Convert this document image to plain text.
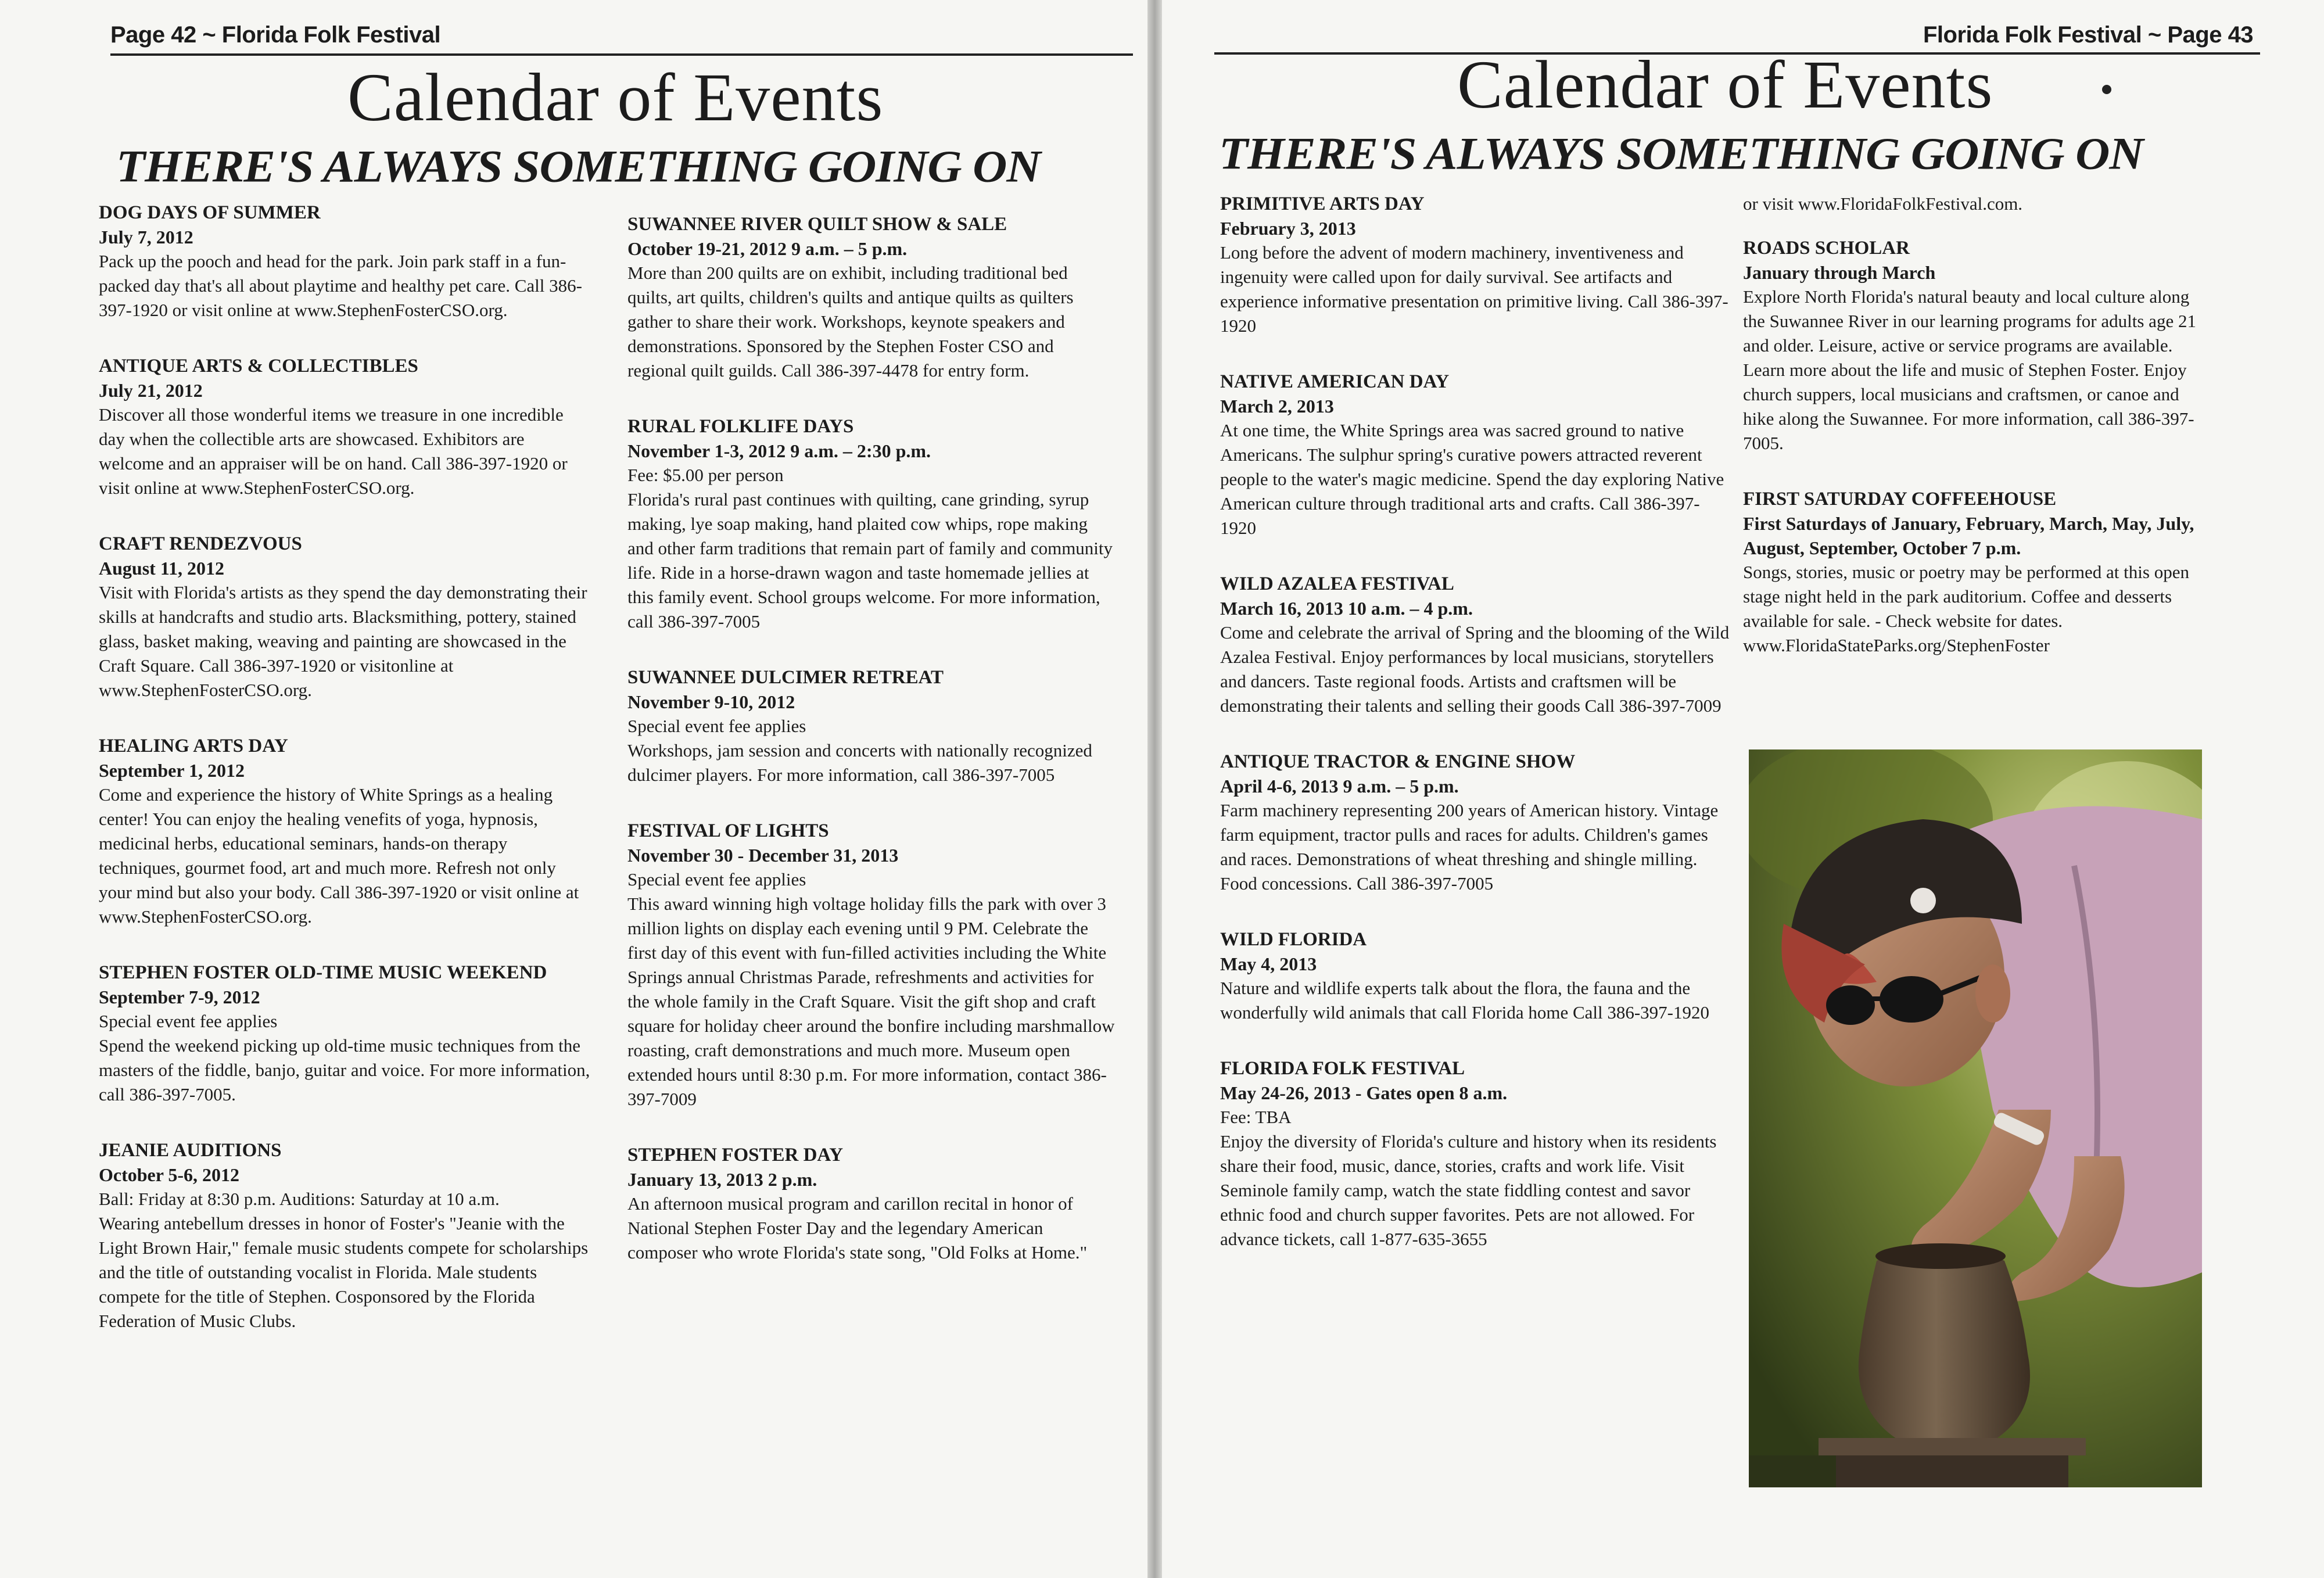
Page 42 ~ Florida Folk Festival
Calendar of Events
THERE'S ALWAYS SOMETHING GOING ON
DOG DAYS OF SUMMER
July 7, 2012
Pack up the pooch and head for the park. Join park staff in a fun-packed day that's all about playtime and healthy pet care. Call 386-397-1920 or visit online at www.StephenFosterCSO.org.
ANTIQUE ARTS & COLLECTIBLES
July 21, 2012
Discover all those wonderful items we treasure in one incredible day when the collectible arts are showcased. Exhibitors are welcome and an appraiser will be on hand. Call 386-397-1920 or visit online at www.StephenFosterCSO.org.
CRAFT RENDEZVOUS
August 11, 2012
Visit with Florida's artists as they spend the day demonstrating their skills at handcrafts and studio arts. Blacksmithing, pottery, stained glass, basket making, weaving and painting are showcased in the Craft Square. Call 386-397-1920 or visitonline at www.StephenFosterCSO.org.
HEALING ARTS DAY
September 1, 2012
Come and experience the history of White Springs as a healing center! You can enjoy the healing venefits of yoga, hypnosis, medicinal herbs, educational seminars, hands-on therapy techniques, gourmet food, art and much more. Refresh not only your mind but also your body. Call 386-397-1920 or visit online at www.StephenFosterCSO.org.
STEPHEN FOSTER OLD-TIME MUSIC WEEKEND
September 7-9, 2012
Special event fee applies
Spend the weekend picking up old-time music techniques from the masters of the fiddle, banjo, guitar and voice. For more information, call 386-397-7005.
JEANIE AUDITIONS
October 5-6, 2012
Ball: Friday at 8:30 p.m. Auditions: Saturday at 10 a.m.
Wearing antebellum dresses in honor of Foster's "Jeanie with the Light Brown Hair," female music students compete for scholarships and the title of outstanding vocalist in Florida. Male students compete for the title of Stephen. Cosponsored by the Florida Federation of Music Clubs.
SUWANNEE RIVER QUILT SHOW & SALE
October 19-21, 2012 9 a.m. – 5 p.m.
More than 200 quilts are on exhibit, including traditional bed quilts, art quilts, children's quilts and antique quilts as quilters gather to share their work. Workshops, keynote speakers and demonstrations. Sponsored by the Stephen Foster CSO and regional quilt guilds. Call 386-397-4478 for entry form.
RURAL FOLKLIFE DAYS
November 1-3, 2012 9 a.m. – 2:30 p.m.
Fee: $5.00 per person
Florida's rural past continues with quilting, cane grinding, syrup making, lye soap making, hand plaited cow whips, rope making and other farm traditions that remain part of family and community life. Ride in a horse-drawn wagon and taste homemade jellies at this family event. School groups welcome. For more information, call 386-397-7005
SUWANNEE DULCIMER RETREAT
November 9-10, 2012
Special event fee applies
Workshops, jam session and concerts with nationally recognized dulcimer players. For more information, call 386-397-7005
FESTIVAL OF LIGHTS
November 30 - December 31, 2013
Special event fee applies
This award winning high voltage holiday fills the park with over 3 million lights on display each evening until 9 PM. Celebrate the first day of this event with fun-filled activities including the White Springs annual Christmas Parade, refreshments and activities for the whole family in the Craft Square. Visit the gift shop and craft square for holiday cheer around the bonfire including marshmallow roasting, craft demonstrations and much more. Museum open extended hours until 8:30 p.m. For more information, contact 386-397-7009
STEPHEN FOSTER DAY
January 13, 2013 2 p.m.
An afternoon musical program and carillon recital in honor of National Stephen Foster Day and the legendary American composer who wrote Florida's state song, "Old Folks at Home."
Florida Folk Festival ~ Page 43
Calendar of Events
THERE'S ALWAYS SOMETHING GOING ON
PRIMITIVE ARTS DAY
February 3, 2013
Long before the advent of modern machinery, inventiveness and ingenuity were called upon for daily survival. See artifacts and experience informative presentation on primitive living. Call 386-397-1920
NATIVE AMERICAN DAY
March 2, 2013
At one time, the White Springs area was sacred ground to native Americans. The sulphur spring's curative powers attracted reverent people to the water's magic medicine. Spend the day exploring Native American culture through traditional arts and crafts. Call 386-397-1920
WILD AZALEA FESTIVAL
March 16, 2013 10 a.m. – 4 p.m.
Come and celebrate the arrival of Spring and the blooming of the Wild Azalea Festival. Enjoy performances by local musicians, storytellers and dancers. Taste regional foods. Artists and craftsmen will be demonstrating their talents and selling their goods Call 386-397-7009
ANTIQUE TRACTOR & ENGINE SHOW
April 4-6, 2013 9 a.m. – 5 p.m.
Farm machinery representing 200 years of American history. Vintage farm equipment, tractor pulls and races for adults. Children's games and races. Demonstrations of wheat threshing and shingle milling. Food concessions. Call 386-397-7005
WILD FLORIDA
May 4, 2013
Nature and wildlife experts talk about the flora, the fauna and the wonderfully wild animals that call Florida home Call 386-397-1920
FLORIDA FOLK FESTIVAL
May 24-26, 2013 - Gates open 8 a.m.
Fee: TBA
Enjoy the diversity of Florida's culture and history when its residents share their food, music, dance, stories, crafts and work life. Visit Seminole family camp, watch the state fiddling contest and savor ethnic food and church supper favorites. Pets are not allowed. For advance tickets, call 1-877-635-3655
or visit www.FloridaFolkFestival.com.
ROADS SCHOLAR
January through March
Explore North Florida's natural beauty and local culture along the Suwannee River in our learning programs for adults age 21 and older. Leisure, active or service programs are available. Learn more about the life and music of Stephen Foster. Enjoy church suppers, local musicians and craftsmen, or canoe and hike along the Suwannee. For more information, call 386-397-7005.
FIRST SATURDAY COFFEEHOUSE
First Saturdays of January, February, March, May, July, August, September, October 7 p.m.
Songs, stories, music or poetry may be performed at this open stage night held in the park auditorium. Coffee and desserts available for sale. - Check website for dates. www.FloridaStateParks.org/StephenFoster
